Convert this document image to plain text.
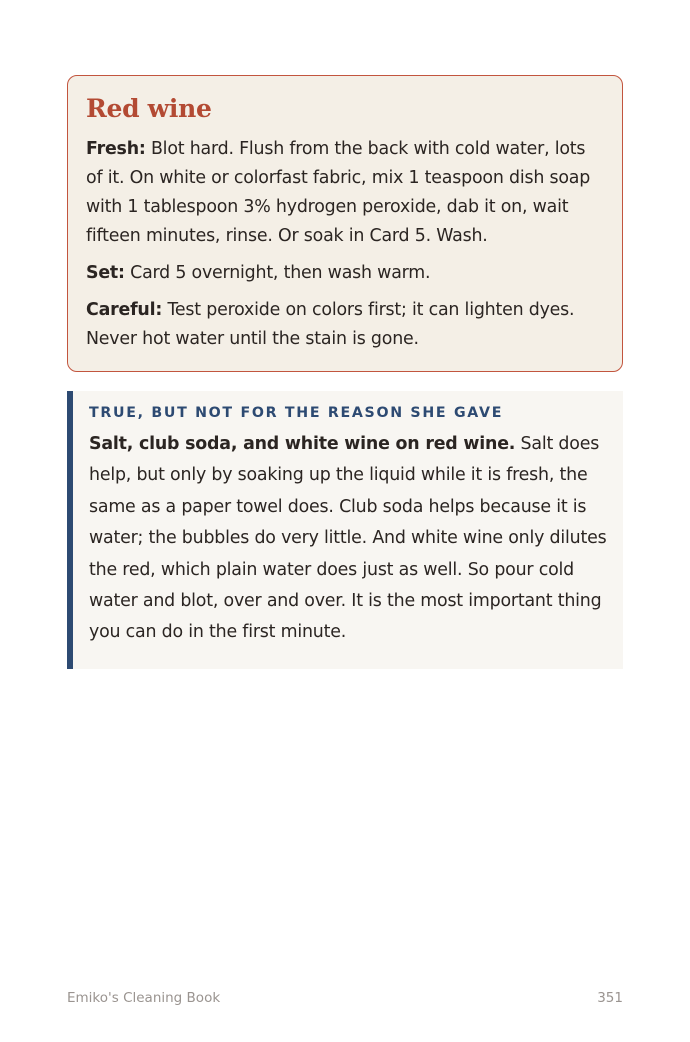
Red wine

Fresh: Blot hard. Flush from the back with cold water, lots of it. On white or colorfast fabric, mix 1 teaspoon dish soap with 1 tablespoon 3% hydrogen peroxide, dab it on, wait fifteen minutes, rinse. Or soak in Card 5. Wash.

Set: Card 5 overnight, then wash warm.

Careful: Test peroxide on colors first; it can lighten dyes. Never hot water until the stain is gone.

TRUE, BUT NOT FOR THE REASON SHE GAVE

Salt, club soda, and white wine on red wine. Salt does help, but only by soaking up the liquid while it is fresh, the same as a paper towel does. Club soda helps because it is water; the bubbles do very little. And white wine only dilutes the red, which plain water does just as well. So pour cold water and blot, over and over. It is the most important thing you can do in the first minute.

Emiko's Cleaning Book	351
